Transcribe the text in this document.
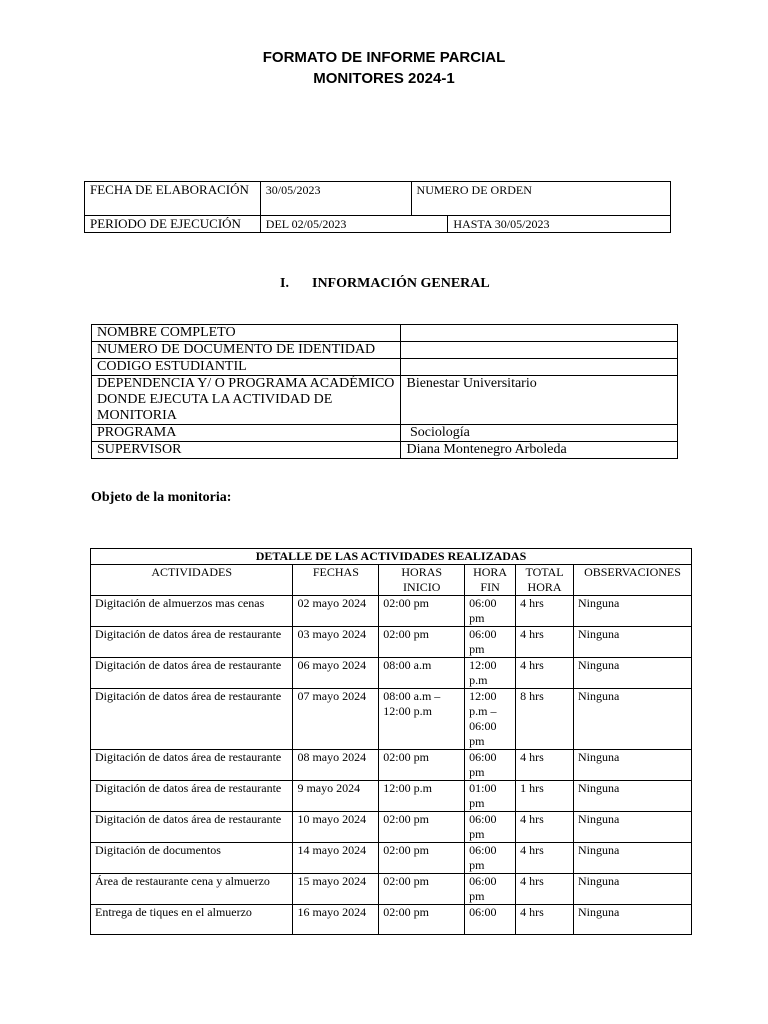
FORMATO DE INFORME PARCIAL
MONITORES 2024-1
FECHA DE ELABORACIÓN	30/05/2023	NUMERO DE ORDEN	
PERIODO DE EJECUCIÓN	DEL 02/05/2023		HASTA 30/05/2023
I. INFORMACIÓN GENERAL
NOMBRE COMPLETO	
NUMERO DE DOCUMENTO DE IDENTIDAD	
CODIGO ESTUDIANTIL	
DEPENDENCIA Y/ O PROGRAMA ACADÉMICO DONDE EJECUTA LA ACTIVIDAD DE MONITORIA	Bienestar Universitario
PROGRAMA	Sociología
SUPERVISOR	Diana Montenegro Arboleda
Objeto de la monitoria:
DETALLE DE LAS ACTIVIDADES REALIZADAS					
ACTIVIDADES	FECHAS	HORAS INICIO	HORA FIN	TOTAL HORA	OBSERVACIONES
Digitación de almuerzos mas cenas	02 mayo 2024	02:00 pm	06:00 pm	4 hrs	Ninguna
Digitación de datos área de restaurante	03 mayo 2024	02:00 pm	06:00 pm	4 hrs	Ninguna
Digitación de datos área de restaurante	06 mayo 2024	08:00 a.m	12:00 p.m	4 hrs	Ninguna
Digitación de datos área de restaurante	07 mayo 2024	08:00 a.m – 12:00 p.m	12:00 p.m – 06:00 pm	8 hrs	Ninguna
Digitación de datos área de restaurante	08 mayo 2024	02:00 pm	06:00 pm	4 hrs	Ninguna
Digitación de datos área de restaurante	9 mayo 2024	12:00 p.m	01:00 pm	1 hrs	Ninguna
Digitación de datos área de restaurante	10 mayo 2024	02:00 pm	06:00 pm	4 hrs	Ninguna
Digitación de documentos	14 mayo 2024	02:00 pm	06:00 pm	4 hrs	Ninguna
Área de restaurante cena y almuerzo	15 mayo 2024	02:00 pm	06:00 pm	4 hrs	Ninguna
Entrega de tiques en el almuerzo	16 mayo 2024	02:00 pm	06:00	4 hrs	Ninguna
